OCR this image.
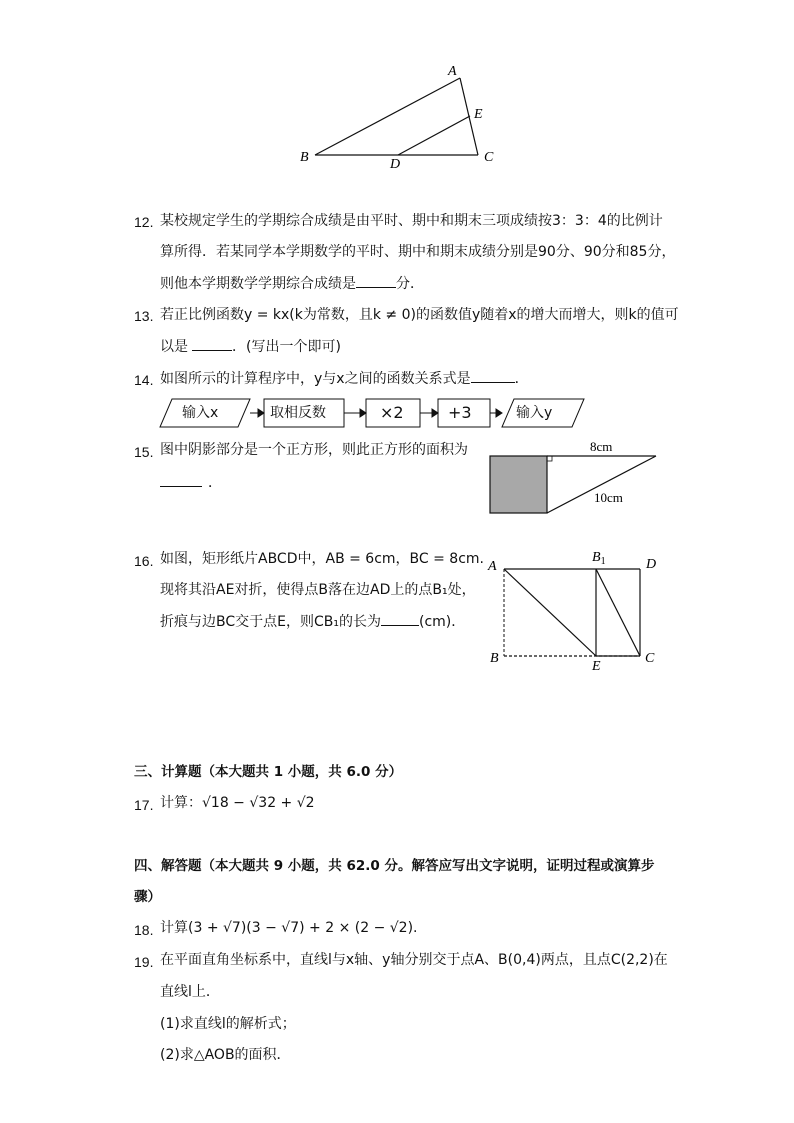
A
E
B	D	C
12. 某校规定学生的学期综合成绩是由平时、期中和期末三项成绩按3：3：4的比例计
算所得．若某同学本学期数学的平时、期中和期末成绩分别是90分、90分和85分，
则他本学期数学学期综合成绩是	分．
13. 若正比例函数y = kx(k为常数，且k ≠ 0)的函数值y随着x的增大而增大，则k的值可
以是	．(写出一个即可)
14. 如图所示的计算程序中，y与x之间的函数关系式是	．
输入x	取相反数	×2	+3	输入y
15. 图中阴影部分是一个正方形，则此正方形的面积为
．
8cm
10cm
16. 如图，矩形纸片ABCD中，AB = 6cm，BC = 8cm.
现将其沿AE对折，使得点B落在边AD上的点B₁处，
折痕与边BC交于点E，则CB₁的长为	(cm)．
A
$B_1$	D
B
E
C
三、计算题（本大题共 1 小题，共 6.0 分）
17. 计算：√18 − √32 + √2
四、解答题（本大题共 9 小题，共 62.0 分。解答应写出文字说明，证明过程或演算步
骤）
18. 计算(3 + √7)(3 − √7) + 2 × (2 − √2).
19. 在平面直角坐标系中，直线l与x轴、y轴分别交于点A、B(0,4)两点，且点C(2,2)在
直线l上．
(1)求直线l的解析式；
(2)求△AOB的面积．
